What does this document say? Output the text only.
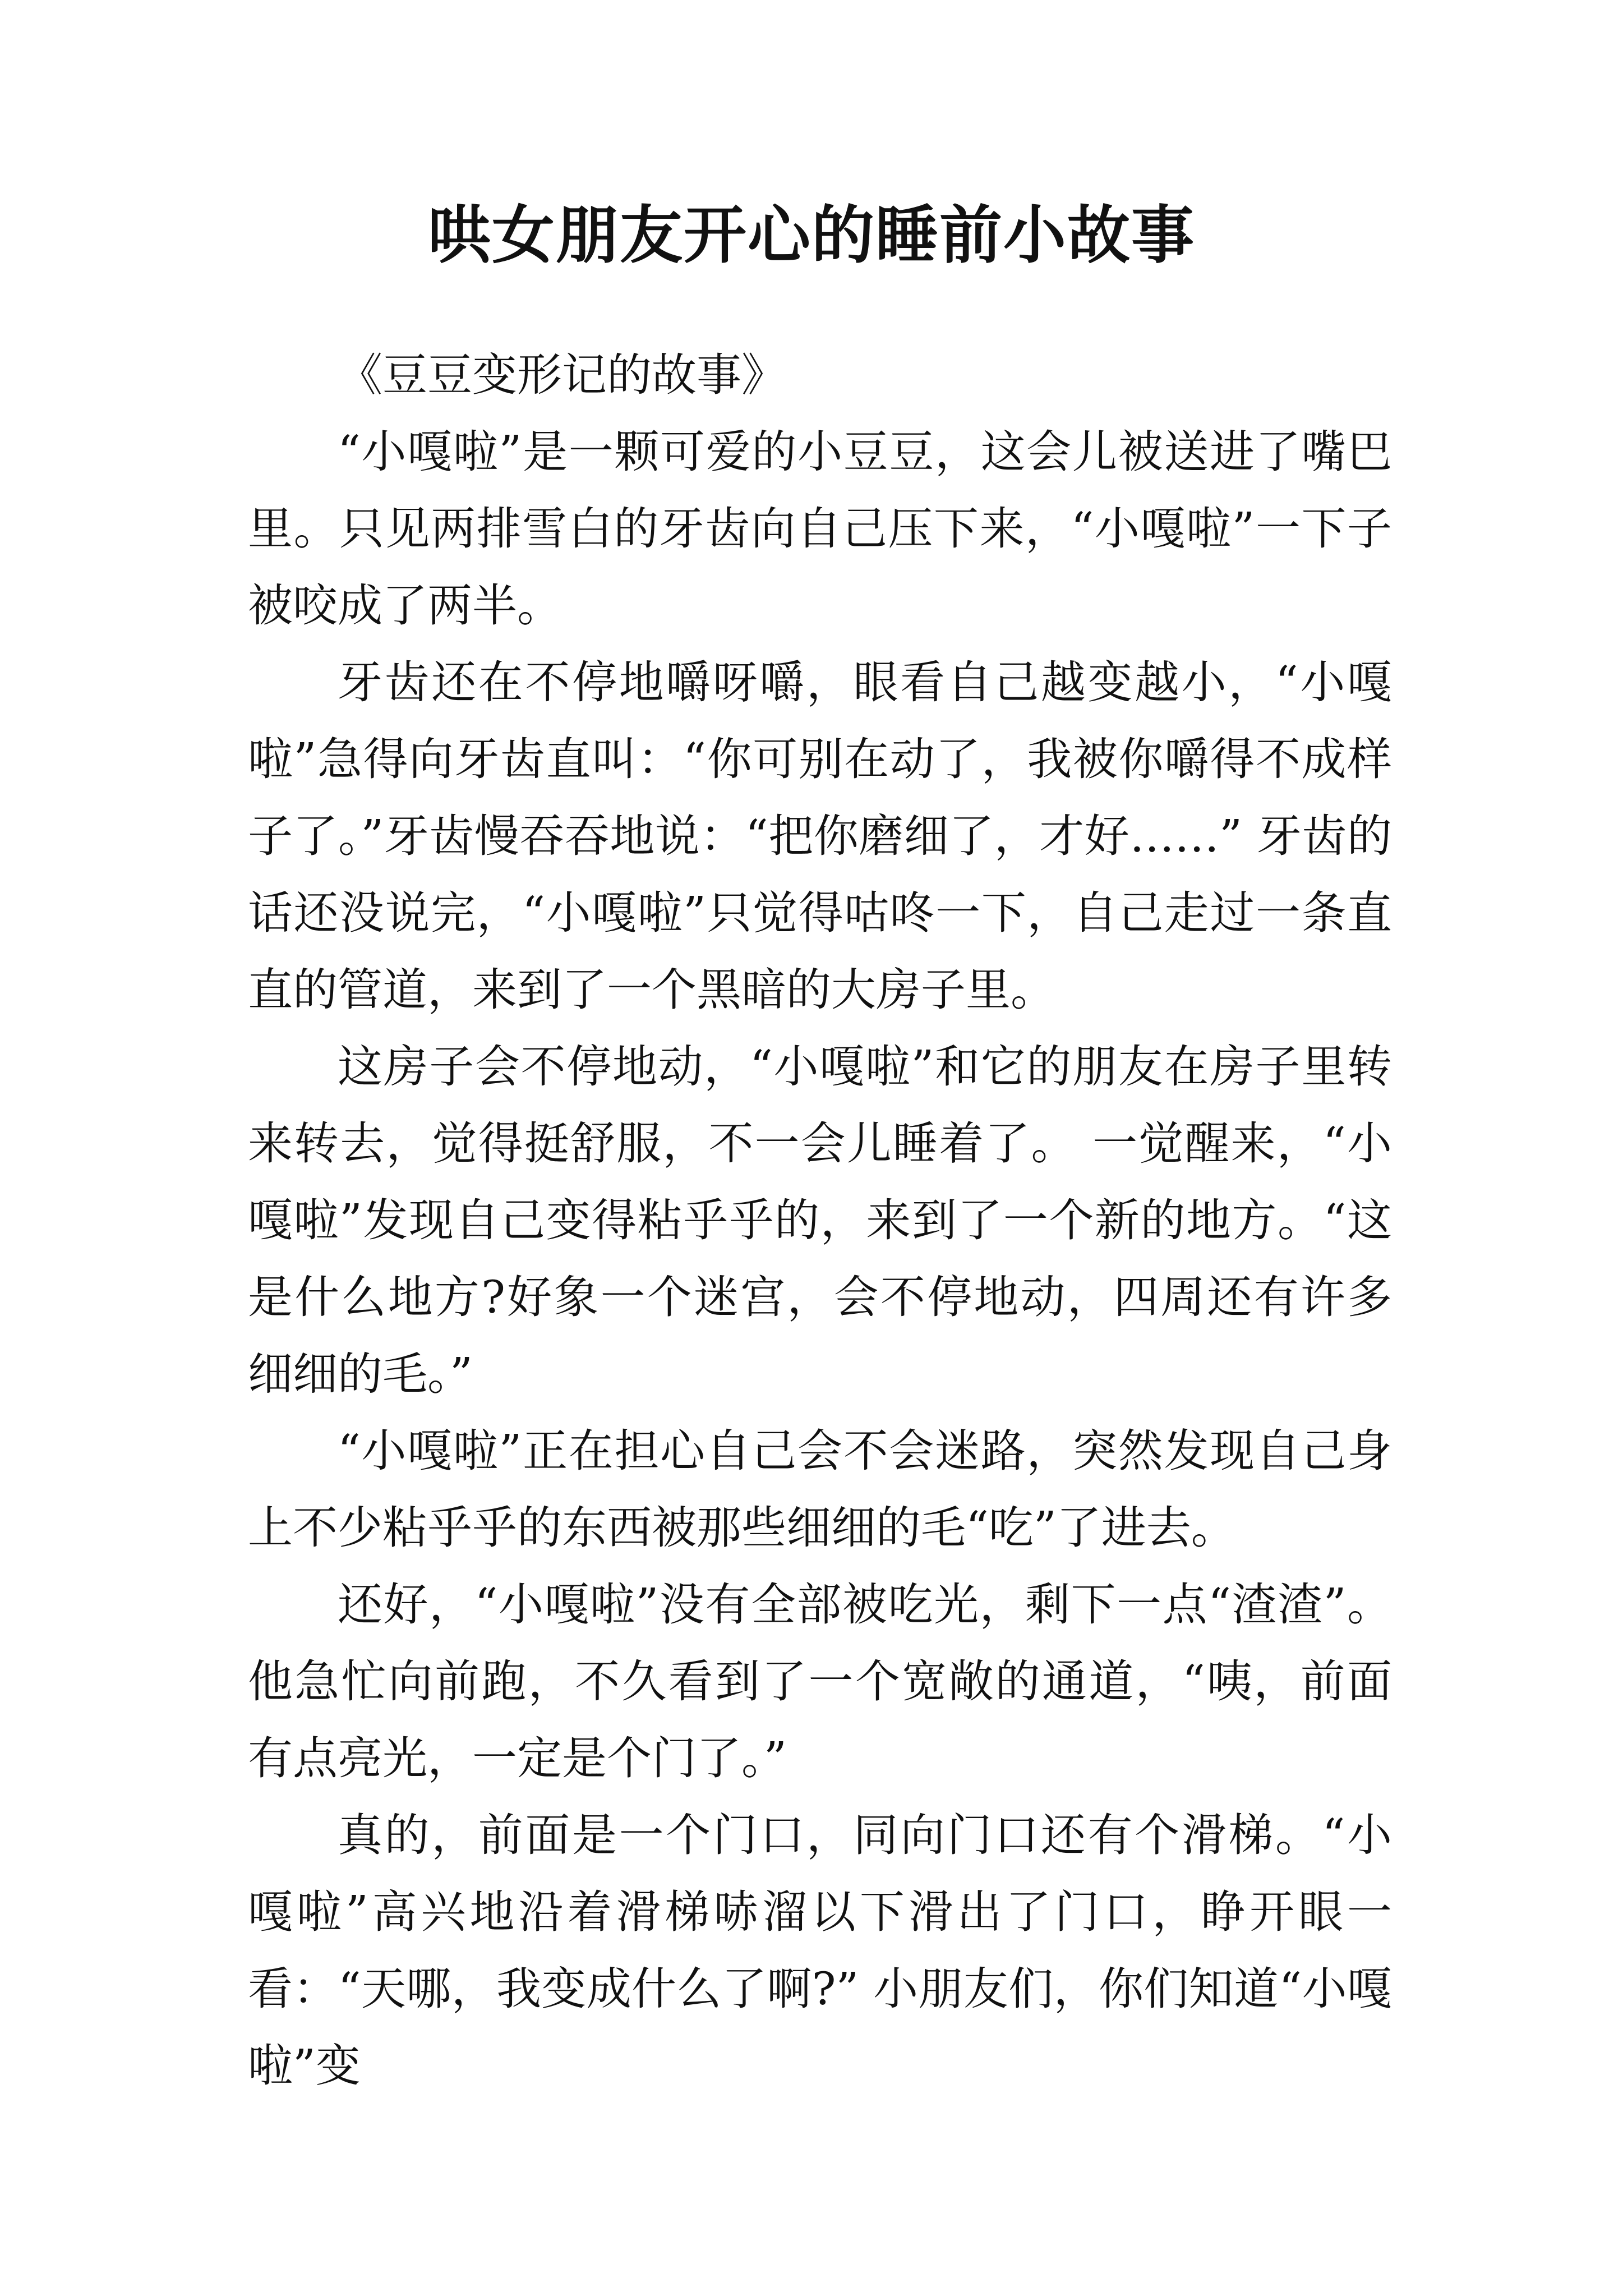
哄女朋友开心的睡前小故事

《豆豆变形记的故事》

“小嘎啦”是一颗可爱的小豆豆，这会儿被送进了嘴巴里。只见两排雪白的牙齿向自己压下来，“小嘎啦”一下子被咬成了两半。

牙齿还在不停地嚼呀嚼，眼看自己越变越小，“小嘎啦”急得向牙齿直叫：“你可别在动了，我被你嚼得不成样子了。”牙齿慢吞吞地说：“把你磨细了，才好……” 牙齿的话还没说完，“小嘎啦”只觉得咕咚一下，自己走过一条直直的管道，来到了一个黑暗的大房子里。

这房子会不停地动，“小嘎啦”和它的朋友在房子里转来转去，觉得挺舒服，不一会儿睡着了。 一觉醒来，“小嘎啦”发现自己变得粘乎乎的，来到了一个新的地方。“这是什么地方?好象一个迷宫，会不停地动，四周还有许多细细的毛。”

“小嘎啦”正在担心自己会不会迷路，突然发现自己身上不少粘乎乎的东西被那些细细的毛“吃”了进去。

还好，“小嘎啦”没有全部被吃光，剩下一点“渣渣”。他急忙向前跑，不久看到了一个宽敞的通道，“咦，前面有点亮光，一定是个门了。”

真的，前面是一个门口，同向门口还有个滑梯。“小嘎啦”高兴地沿着滑梯哧溜以下滑出了门口，睁开眼一看：“天哪，我变成什么了啊?” 小朋友们，你们知道“小嘎啦”变
